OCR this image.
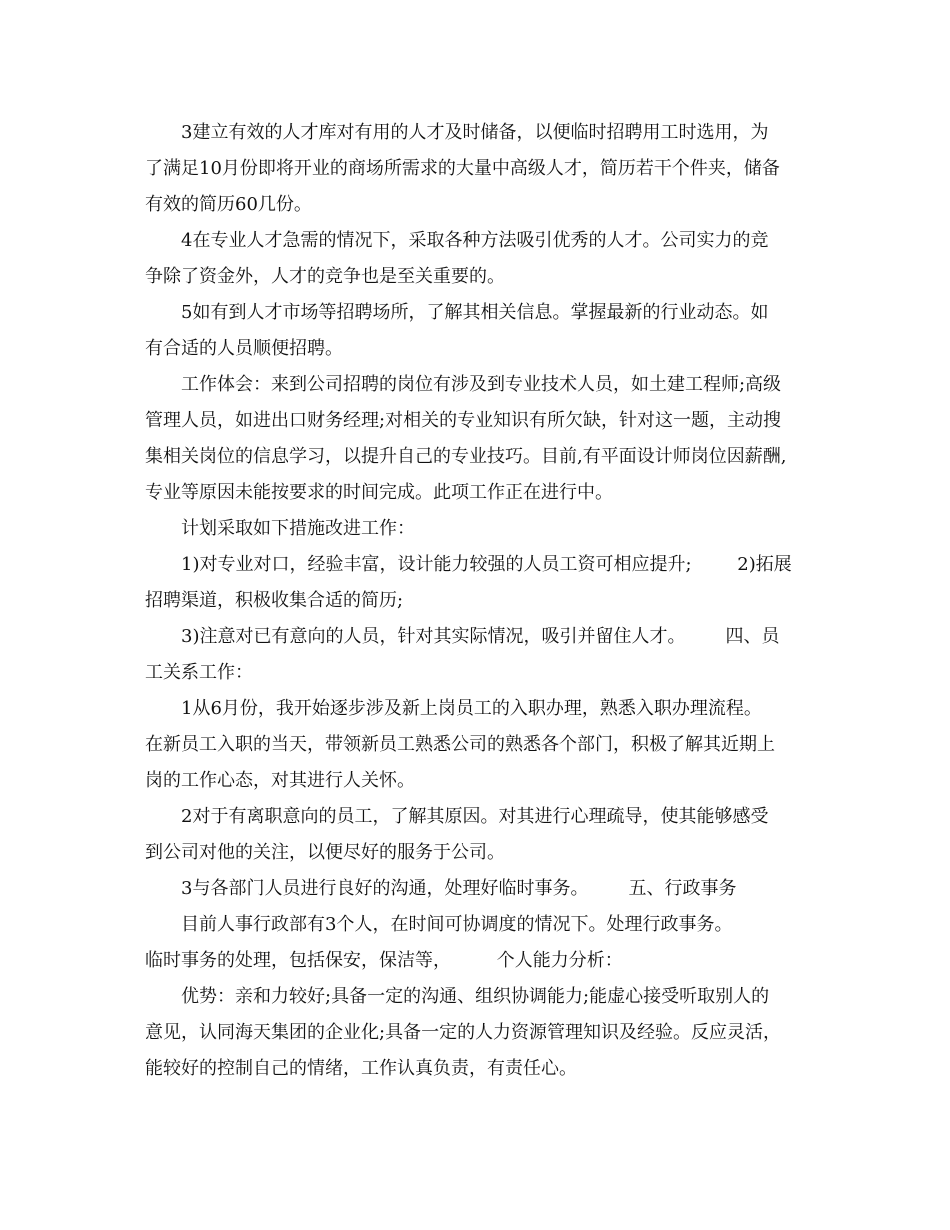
3建立有效的人才库对有用的人才及时储备，以便临时招聘用工时选用，为
了满足10月份即将开业的商场所需求的大量中高级人才，简历若干个件夹，储备
有效的简历60几份。
4在专业人才急需的情况下，采取各种方法吸引优秀的人才。公司实力的竞
争除了资金外，人才的竞争也是至关重要的。
5如有到人才市场等招聘场所，了解其相关信息。掌握最新的行业动态。如
有合适的人员顺便招聘。
工作体会：来到公司招聘的岗位有涉及到专业技术人员，如土建工程师;高级
管理人员，如进出口财务经理;对相关的专业知识有所欠缺，针对这一题，主动搜
集相关岗位的信息学习，以提升自己的专业技巧。目前,有平面设计师岗位因薪酬,
专业等原因未能按要求的时间完成。此项工作正在进行中。
计划采取如下措施改进工作：
1)对专业对口，经验丰富，设计能力较强的人员工资可相应提升;        2)拓展
招聘渠道，积极收集合适的简历;
3)注意对已有意向的人员，针对其实际情况，吸引并留住人才。       四、员
工关系工作：
1从6月份，我开始逐步涉及新上岗员工的入职办理，熟悉入职办理流程。
在新员工入职的当天，带领新员工熟悉公司的熟悉各个部门，积极了解其近期上
岗的工作心态，对其进行人关怀。
2对于有离职意向的员工，了解其原因。对其进行心理疏导，使其能够感受
到公司对他的关注，以便尽好的服务于公司。
3与各部门人员进行良好的沟通，处理好临时事务。       五、行政事务
目前人事行政部有3个人，在时间可协调度的情况下。处理行政事务。
临时事务的处理，包括保安，保洁等，        个人能力分析：
优势：亲和力较好;具备一定的沟通、组织协调能力;能虚心接受听取别人的
意见，认同海天集团的企业化;具备一定的人力资源管理知识及经验。反应灵活，
能较好的控制自己的情绪，工作认真负责，有责任心。
